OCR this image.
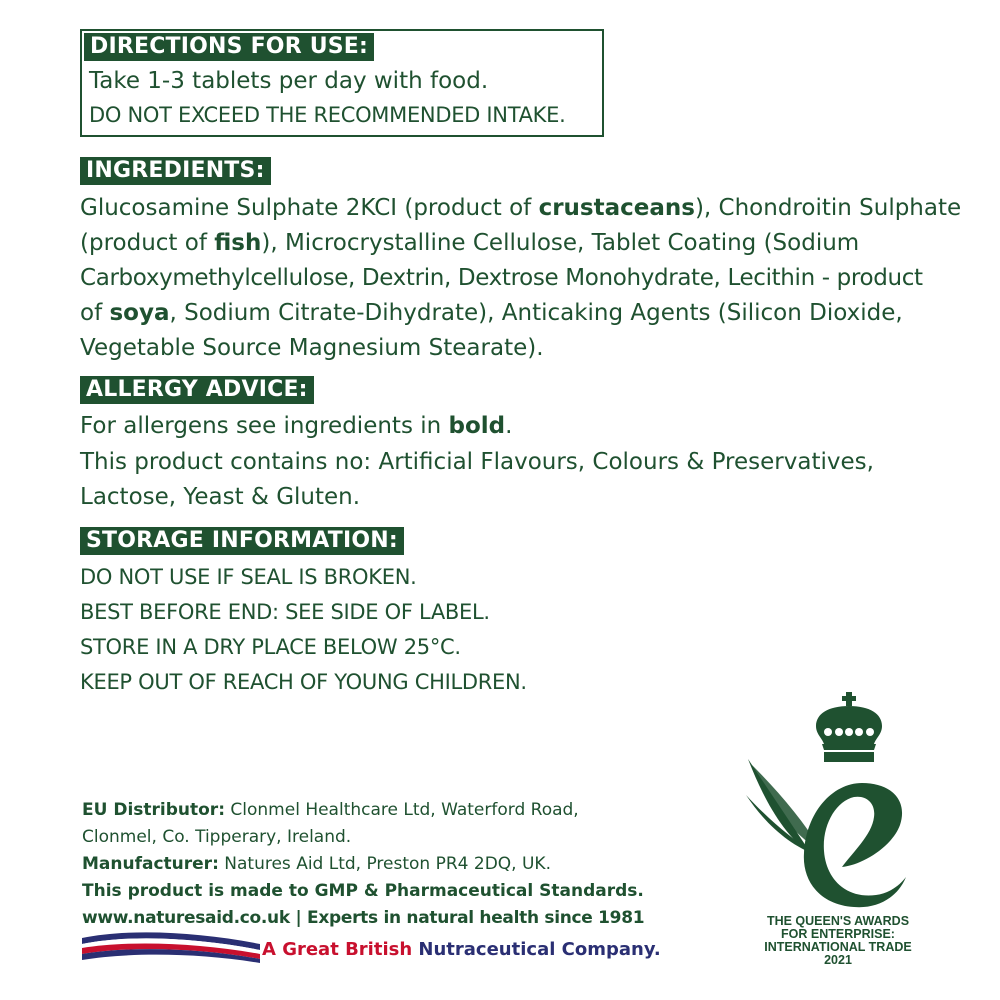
DIRECTIONS FOR USE:
Take 1-3 tablets per day with food.
DO NOT EXCEED THE RECOMMENDED INTAKE.
INGREDIENTS:
Glucosamine Sulphate 2KCI (product of crustaceans), Chondroitin Sulphate
(product of fish), Microcrystalline Cellulose, Tablet Coating (Sodium
Carboxymethylcellulose, Dextrin, Dextrose Monohydrate, Lecithin - product
of soya, Sodium Citrate-Dihydrate), Anticaking Agents (Silicon Dioxide,
Vegetable Source Magnesium Stearate).
ALLERGY ADVICE:
For allergens see ingredients in bold.
This product contains no: Artificial Flavours, Colours & Preservatives,
Lactose, Yeast & Gluten.
STORAGE INFORMATION:
DO NOT USE IF SEAL IS BROKEN.
BEST BEFORE END: SEE SIDE OF LABEL.
STORE IN A DRY PLACE BELOW 25°C.
KEEP OUT OF REACH OF YOUNG CHILDREN.
EU Distributor: Clonmel Healthcare Ltd, Waterford Road,
Clonmel, Co. Tipperary, Ireland.
Manufacturer: Natures Aid Ltd, Preston PR4 2DQ, UK.
This product is made to GMP & Pharmaceutical Standards.
www.naturesaid.co.uk | Experts in natural health since 1981
A Great British Nutraceutical Company.
THE QUEEN'S AWARDS
FOR ENTERPRISE:
INTERNATIONAL TRADE
2021
